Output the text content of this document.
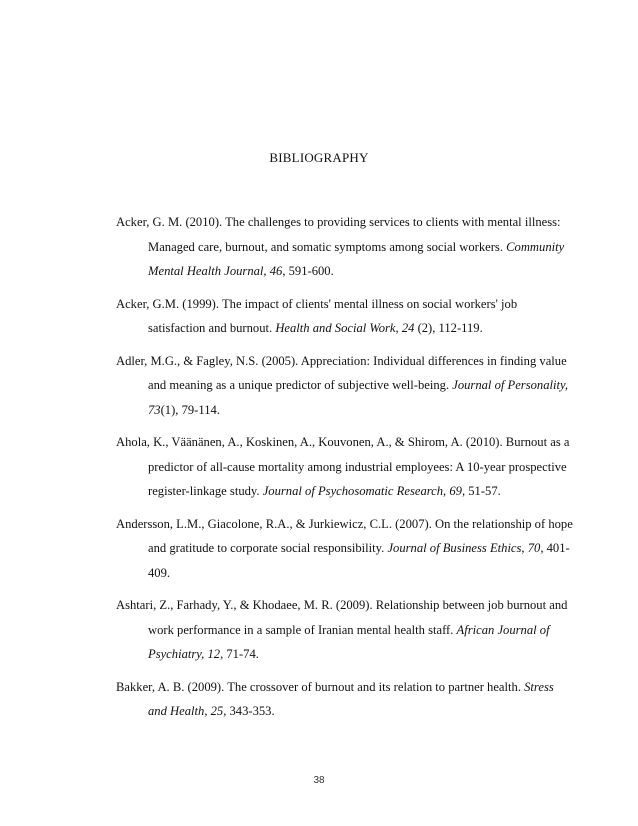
BIBLIOGRAPHY
Acker, G. M. (2010). The challenges to providing services to clients with mental illness: Managed care, burnout, and somatic symptoms among social workers. Community Mental Health Journal, 46, 591-600.
Acker, G.M. (1999). The impact of clients' mental illness on social workers' job satisfaction and burnout. Health and Social Work, 24 (2), 112-119.
Adler, M.G., & Fagley, N.S. (2005). Appreciation: Individual differences in finding value and meaning as a unique predictor of subjective well-being. Journal of Personality, 73(1), 79-114.
Ahola, K., Väänänen, A., Koskinen, A., Kouvonen, A., & Shirom, A. (2010). Burnout as a predictor of all-cause mortality among industrial employees: A 10-year prospective register-linkage study. Journal of Psychosomatic Research, 69, 51-57.
Andersson, L.M., Giacolone, R.A., & Jurkiewicz, C.L. (2007). On the relationship of hope and gratitude to corporate social responsibility. Journal of Business Ethics, 70, 401-409.
Ashtari, Z., Farhady, Y., & Khodaee, M. R. (2009). Relationship between job burnout and work performance in a sample of Iranian mental health staff. African Journal of Psychiatry, 12, 71-74.
Bakker, A. B. (2009). The crossover of burnout and its relation to partner health. Stress and Health, 25, 343-353.
38
